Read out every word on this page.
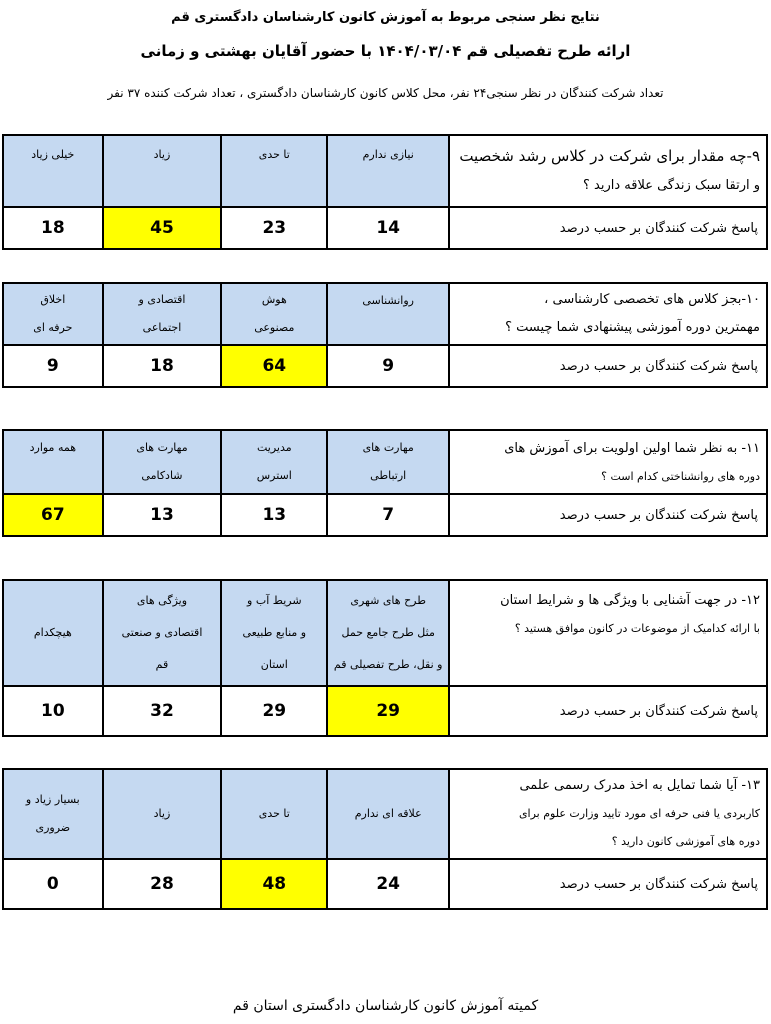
نتایج نظر سنجی مربوط به آموزش کانون کارشناسان دادگستری قم
ارائه طرح تفصیلی قم ۱۴۰۴/۰۳/۰۴ با حضور آقایان بهشتی و زمانی
تعداد شرکت کنندگان در نظر سنجی۲۴ نفر، محل کلاس کانون کارشناسان دادگستری ، تعداد شرکت کننده ۳۷ نفر
۹-چه مقدار برای شرکت در کلاس رشد شخصیت
و ارتقا سبک زندگی علاقه دارید ؟	نیازی ندارم	تا حدی	زیاد	خیلی زیاد
پاسخ شرکت کنندگان بر حسب درصد	14	23	45	18
۱۰-بجز کلاس های تخصصی کارشناسی ،
مهمترین دوره آموزشی پیشنهادی شما چیست ؟	روانشناسی	هوش
مصنوعی	اقتصادی و
اجتماعی	اخلاق
حرفه ای
پاسخ شرکت کنندگان بر حسب درصد	9	64	18	9
۱۱- به نظر شما اولین اولویت برای آموزش های
دوره های روانشناختی کدام است ؟	مهارت های
ارتباطی	مدیریت
استرس	مهارت های
شادکامی	همه موارد
پاسخ شرکت کنندگان بر حسب درصد	7	13	13	67
۱۲- در جهت آشنایی با ویژگی ها و شرایط استان
با ارائه کدامیک از موضوعات در کانون موافق هستید ؟	طرح های شهری
مثل طرح جامع حمل
و نقل، طرح تفصیلی قم	شریط آب و
و منابع طبیعی
استان	ویژگی های
اقتصادی و صنعتی
قم	هیچکدام
پاسخ شرکت کنندگان بر حسب درصد	29	29	32	10
۱۳- آیا شما تمایل به اخذ مدرک رسمی علمی
کاربردی یا فنی حرفه ای مورد تایید وزارت علوم برای
دوره های آموزشی کانون دارید ؟	علاقه ای ندارم	تا حدی	زیاد	بسیار زیاد و
ضروری
پاسخ شرکت کنندگان بر حسب درصد	24	48	28	0
کمیته آموزش کانون کارشناسان دادگستری استان قم
